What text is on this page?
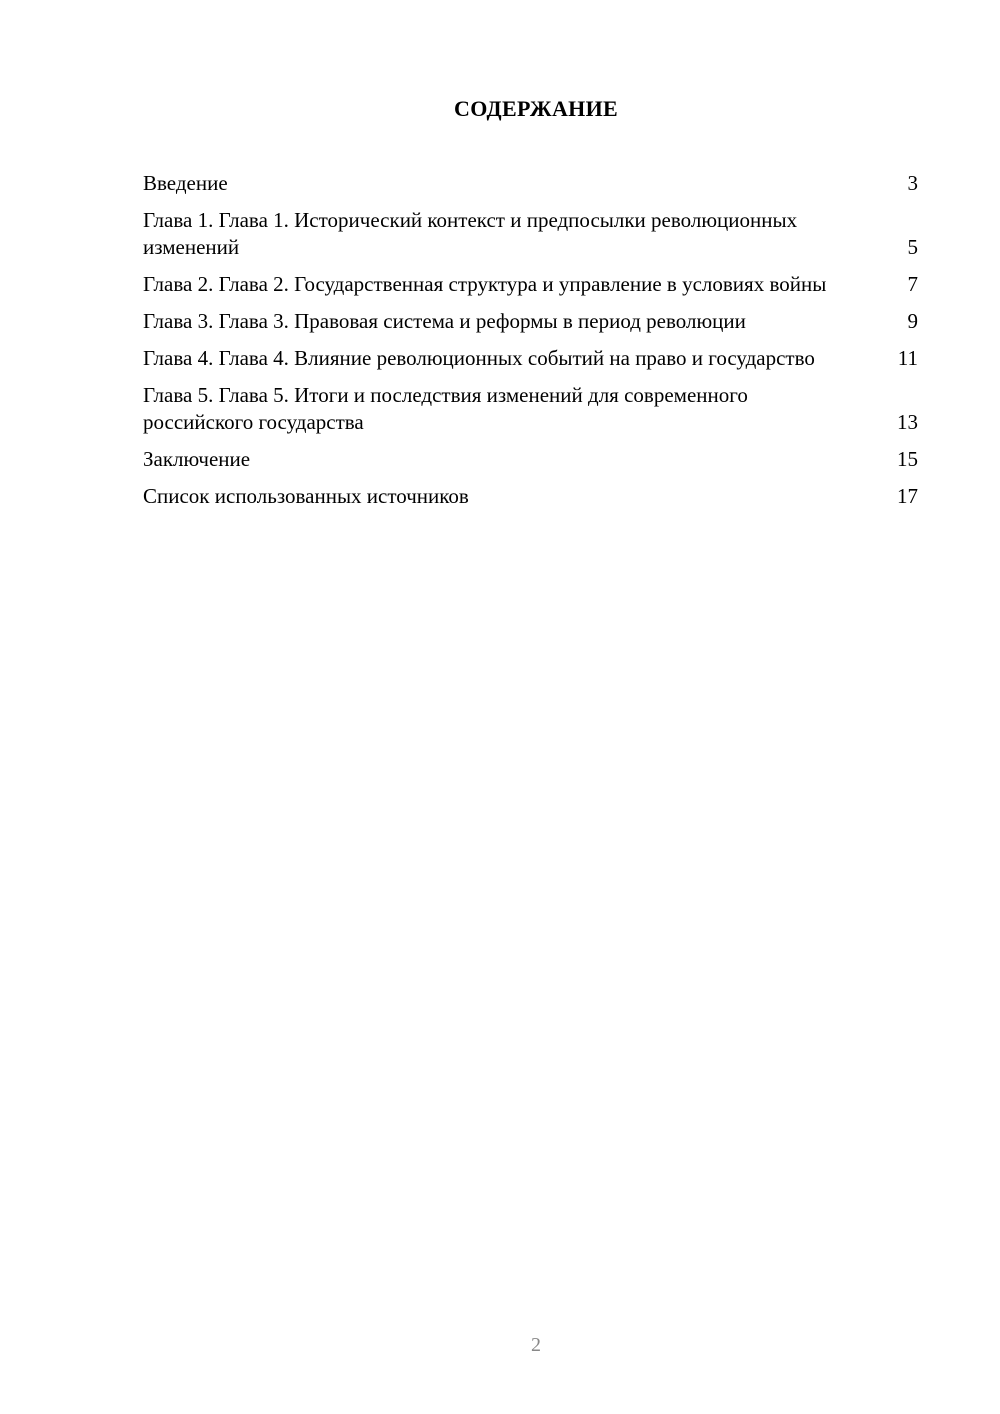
СОДЕРЖАНИЕ
Введение	3
Глава 1. Глава 1. Исторический контекст и предпосылки революционных изменений	5
Глава 2. Глава 2. Государственная структура и управление в условиях войны	7
Глава 3. Глава 3. Правовая система и реформы в период революции	9
Глава 4. Глава 4. Влияние революционных событий на право и государство	11
Глава 5. Глава 5. Итоги и последствия изменений для современного российского государства	13
Заключение	15
Список использованных источников	17
2
